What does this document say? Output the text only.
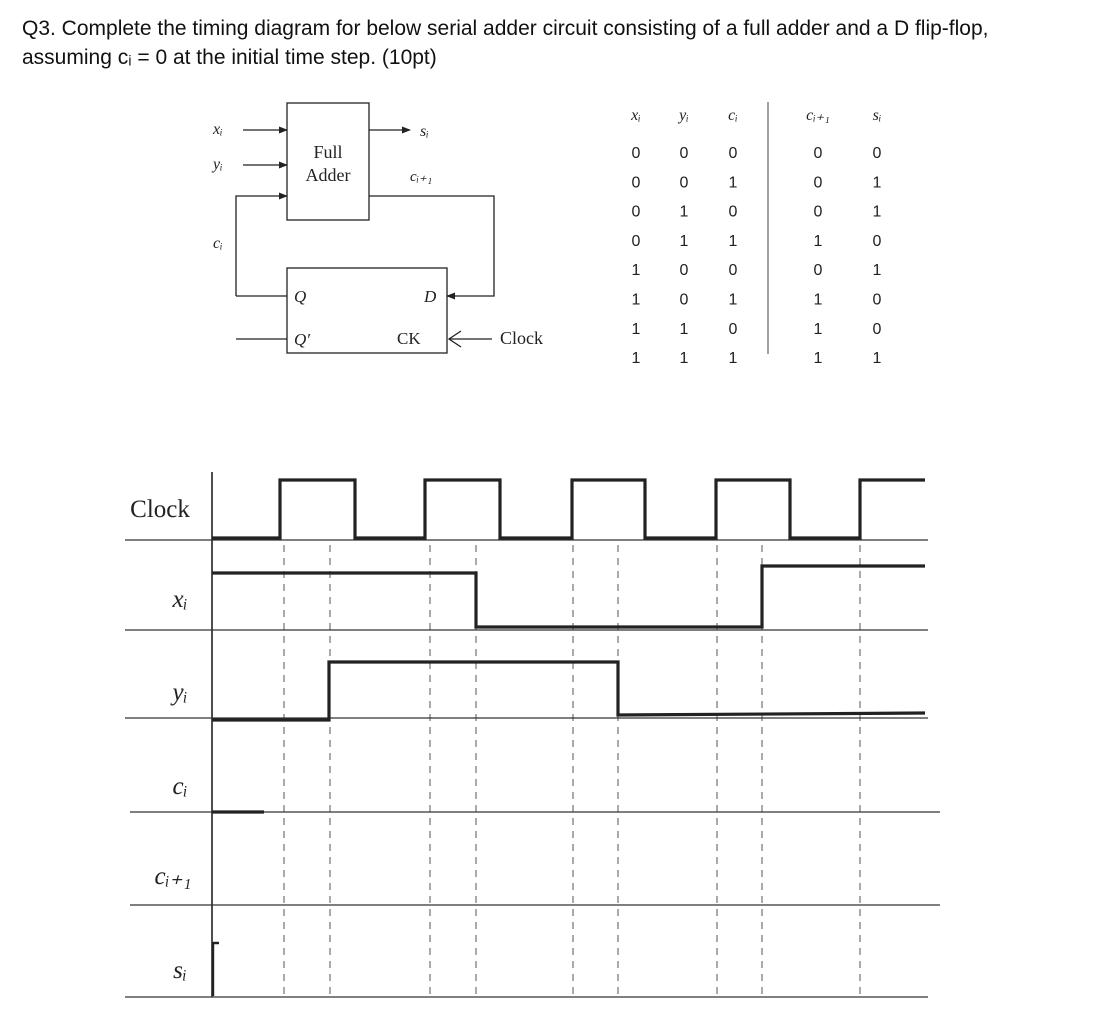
Q3. Complete the timing diagram for below serial adder circuit consisting of a full adder and a D flip-flop, assuming cᵢ = 0 at the initial time step. (10pt)
xᵢ
yᵢ
cᵢ
Full
Adder
sᵢ
cᵢ₊₁
Q
Q′
D
CK	Clock
xᵢ yᵢ cᵢ	cᵢ₊₁	sᵢ
0 0	0	0	0
0 0	1	0	1
0 1	0	0	1
0 1	1	1	0
1 0	0	0	1
1 0	1	1	0
1 1	0	1	0
1 1	1	1	1
Clock
xᵢ
yᵢ
cᵢ
cᵢ₊₁
sᵢ
